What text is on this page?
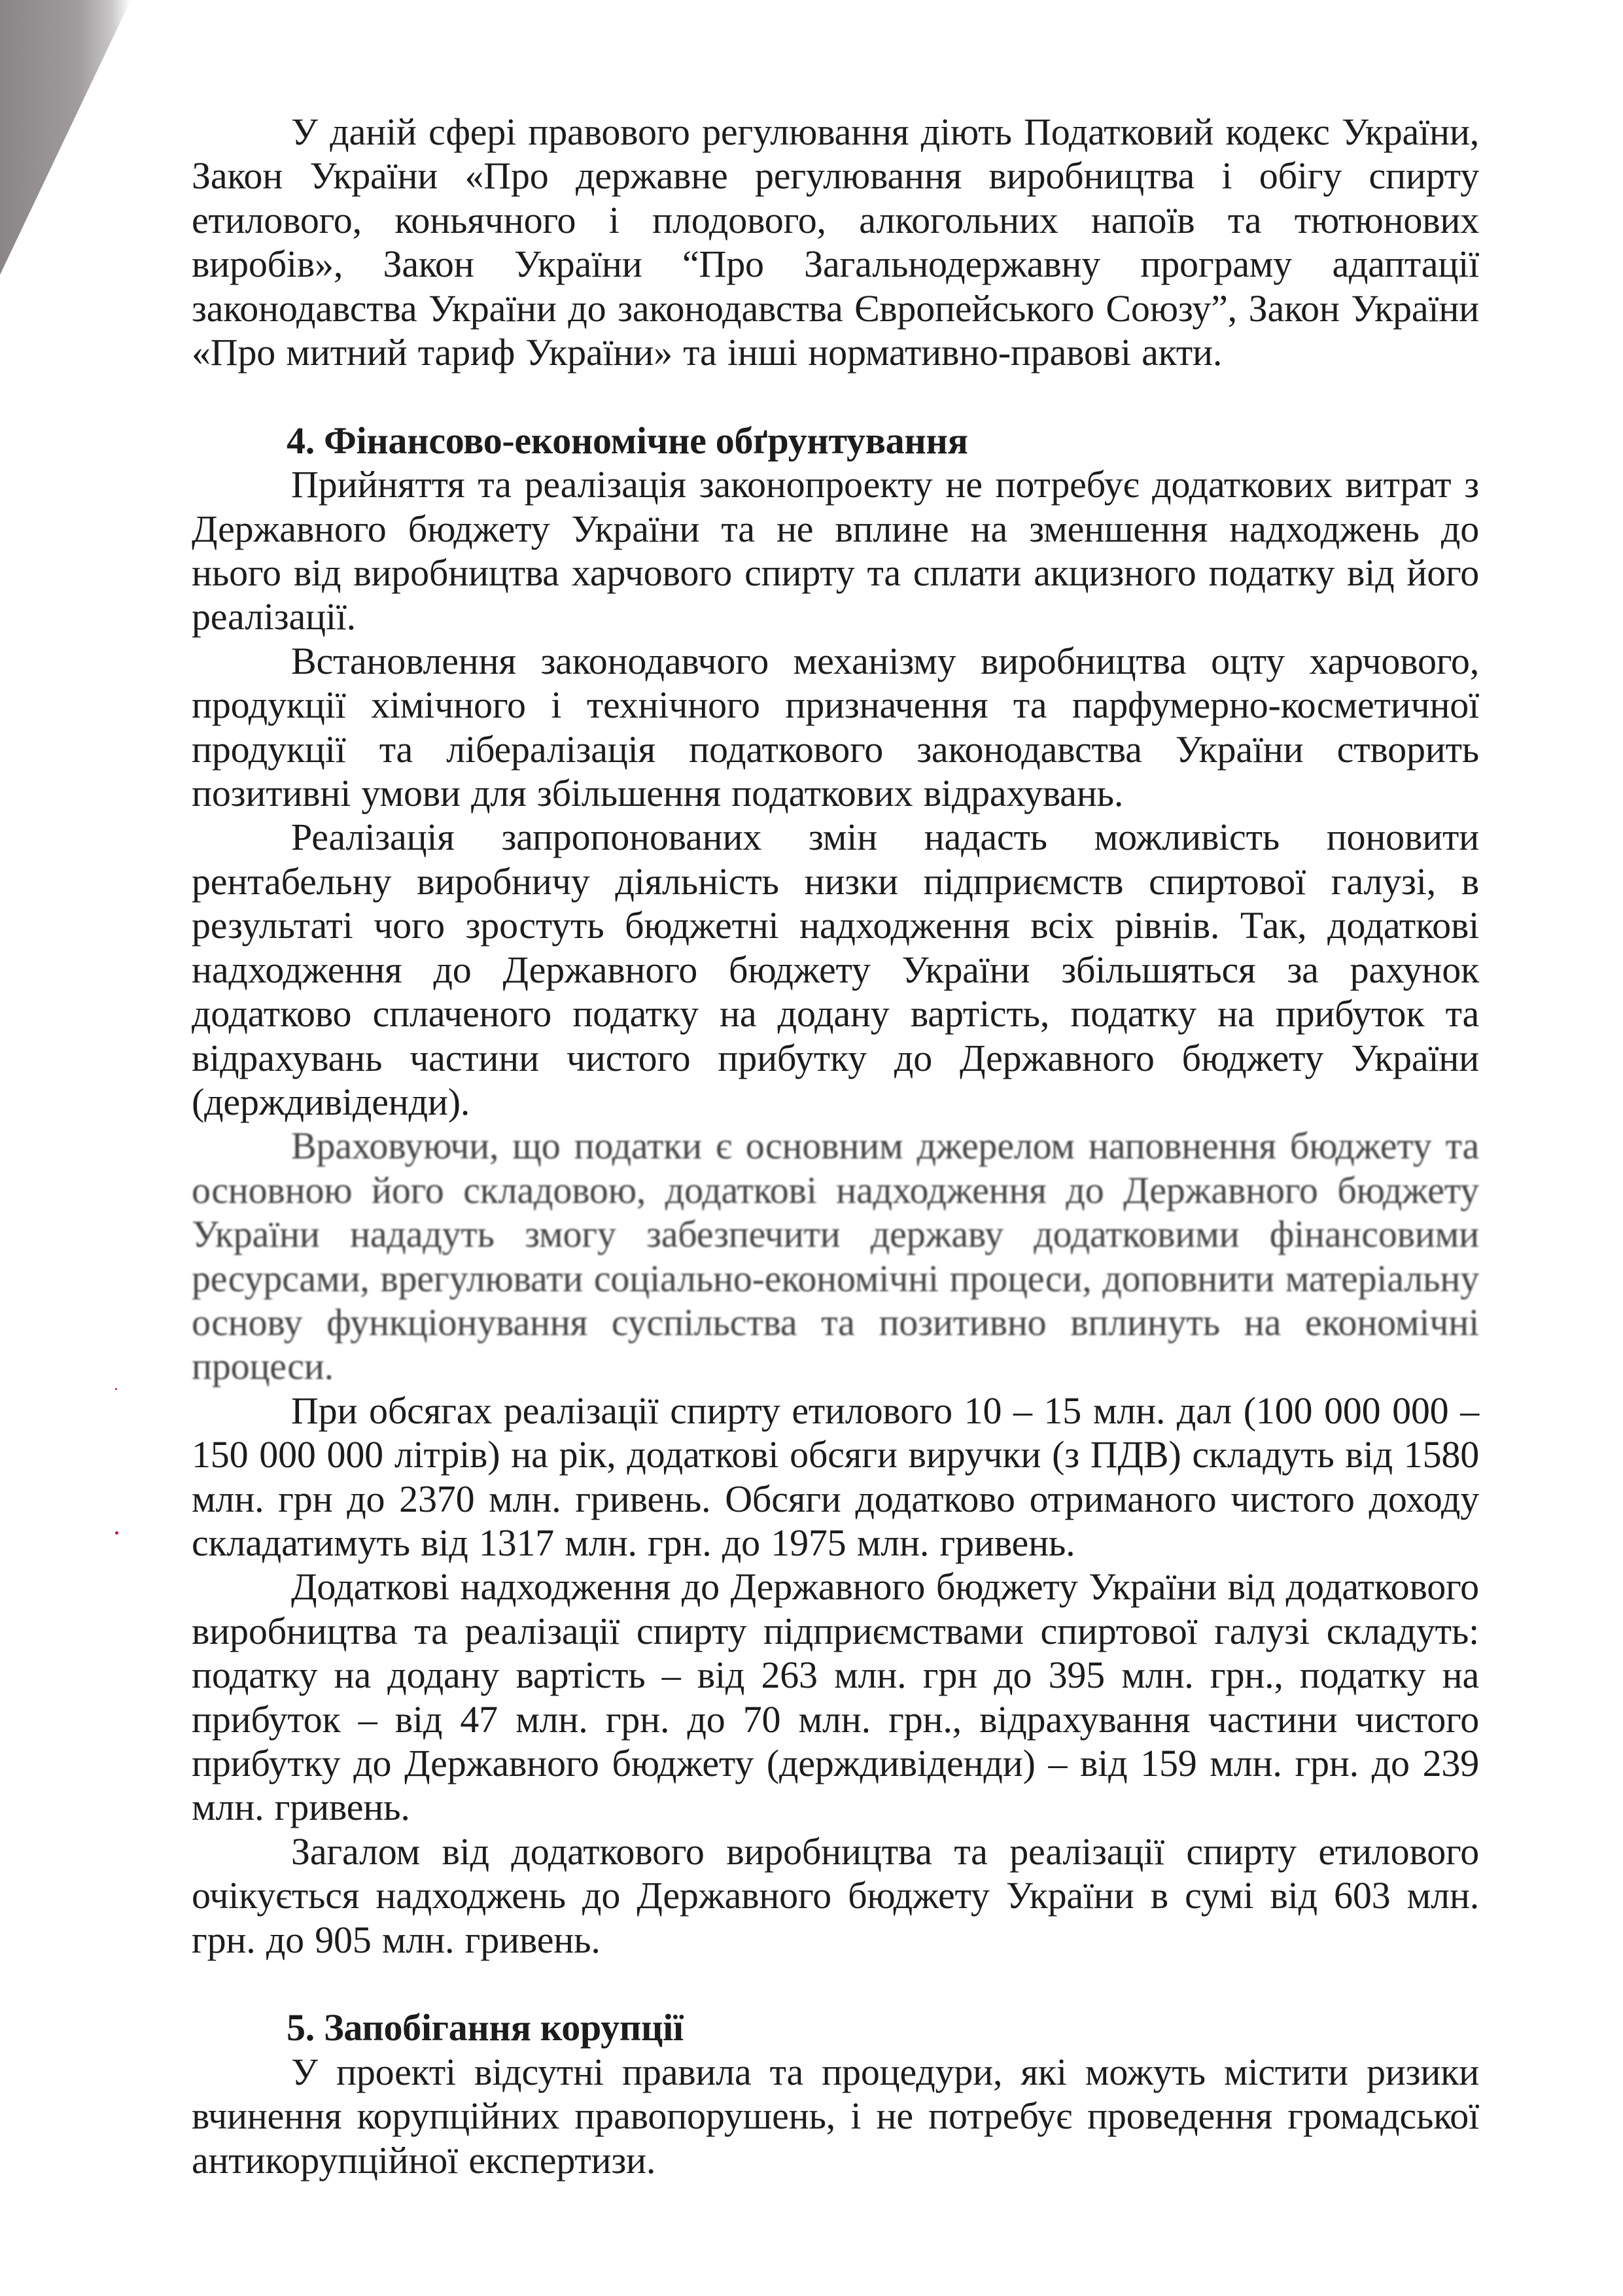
У даній сфері правового регулювання діють Податковий кодекс України, Закон України «Про державне регулювання виробництва і обігу спирту етилового, коньячного і плодового, алкогольних напоїв та тютюнових виробів», Закон України “Про Загальнодержавну програму адаптації законодавства України до законодавства Європейського Союзу”, Закон України «Про митний тариф України» та інші нормативно-правові акти.

4. Фінансово-економічне обґрунтування

Прийняття та реалізація законопроекту не потребує додаткових витрат з Державного бюджету України та не вплине на зменшення надходжень до нього від виробництва харчового спирту та сплати акцизного податку від його реалізації.

Встановлення законодавчого механізму виробництва оцту харчового, продукції хімічного і технічного призначення та парфумерно-косметичної продукції та лібералізація податкового законодавства України створить позитивні умови для збільшення податкових відрахувань.

Реалізація запропонованих змін надасть можливість поновити рентабельну виробничу діяльність низки підприємств спиртової галузі, в результаті чого зростуть бюджетні надходження всіх рівнів. Так, додаткові надходження до Державного бюджету України збільшяться за рахунок додатково сплаченого податку на додану вартість, податку на прибуток та відрахувань частини чистого прибутку до Державного бюджету України (держдивіденди).

Враховуючи, що податки є основним джерелом наповнення бюджету та основною його складовою, додаткові надходження до Державного бюджету України нададуть змогу забезпечити державу додатковими фінансовими ресурсами, врегулювати соціально-економічні процеси, доповнити матеріальну основу функціонування суспільства та позитивно вплинуть на економічні процеси.

При обсягах реалізації спирту етилового 10 – 15 млн. дал (100 000 000 – 150 000 000 літрів) на рік, додаткові обсяги виручки (з ПДВ) складуть від 1580 млн. грн до 2370 млн. гривень. Обсяги додатково отриманого чистого доходу складатимуть від 1317 млн. грн. до 1975 млн. гривень.

Додаткові надходження до Державного бюджету України від додаткового виробництва та реалізації спирту підприємствами спиртової галузі складуть: податку на додану вартість – від 263 млн. грн до 395 млн. грн., податку на прибуток – від 47 млн. грн. до 70 млн. грн., відрахування частини чистого прибутку до Державного бюджету (держдивіденди) – від 159 млн. грн. до 239 млн. гривень.

Загалом від додаткового виробництва та реалізації спирту етилового очікується надходжень до Державного бюджету України в сумі від 603 млн. грн. до 905 млн. гривень.

5. Запобігання корупції

У проекті відсутні правила та процедури, які можуть містити ризики вчинення корупційних правопорушень, і не потребує проведення громадської антикорупційної експертизи.
